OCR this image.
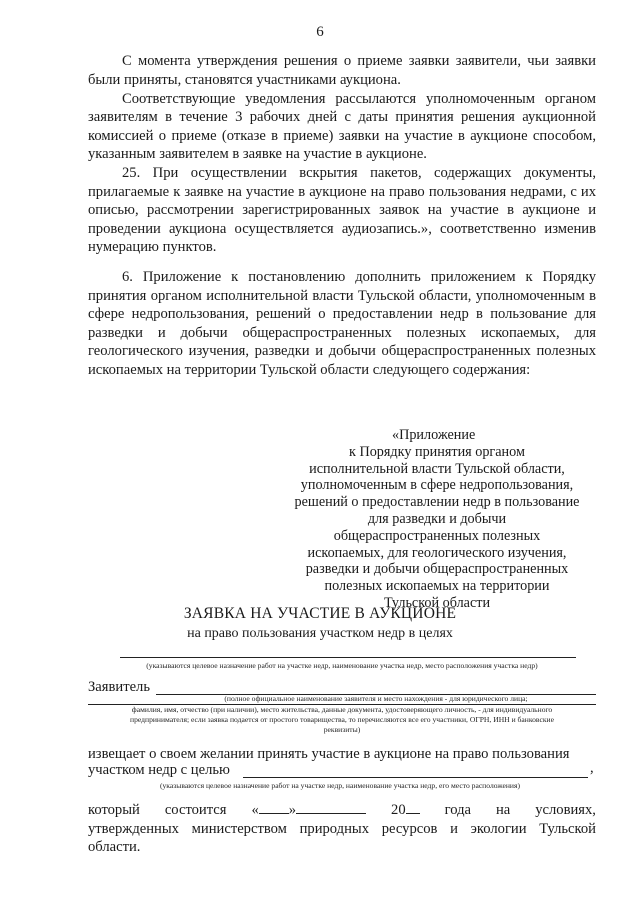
6

С момента утверждения решения о приеме заявки заявители, чьи заявки были приняты, становятся участниками аукциона.

Соответствующие уведомления рассылаются уполномоченным органом заявителям в течение 3 рабочих дней с даты принятия решения аукционной комиссией о приеме (отказе в приеме) заявки на участие в аукционе способом, указанным заявителем в заявке на участие в аукционе.

25. При осуществлении вскрытия пакетов, содержащих документы, прилагаемые к заявке на участие в аукционе на право пользования недрами, с их описью, рассмотрении зарегистрированных заявок на участие в аукционе и проведении аукциона осуществляется аудиозапись.», соответственно изменив нумерацию пунктов.

6. Приложение к постановлению дополнить приложением к Порядку принятия органом исполнительной власти Тульской области, уполномоченным в сфере недропользования, решений о предоставлении недр в пользование для разведки и добычи общераспространенных полезных ископаемых, для геологического изучения, разведки и добычи общераспространенных полезных ископаемых на территории Тульской области следующего содержания:

«Приложение
к Порядку принятия органом
исполнительной власти Тульской области,
уполномоченным в сфере недропользования,
решений о предоставлении недр в пользование
для разведки и добычи
общераспространенных полезных
ископаемых, для геологического изучения,
разведки и добычи общераспространенных
полезных ископаемых на территории
Тульской области
ЗАЯВКА НА УЧАСТИЕ В АУКЦИОНЕ
на право пользования участком недр в целях
(указываются целевое назначение работ на участке недр, наименование участка недр, место расположения участка недр)
Заявитель
(полное официальное наименование заявителя и место нахождения - для юридического лица;
фамилия, имя, отчество (при наличии), место жительства, данные документа, удостоверяющего личность, - для индивидуального
предпринимателя; если заявка подается от простого товарищества, то перечисляются все его участники, ОГРН, ИНН и банковские
реквизиты)
извещает о своем желании принять участие в аукционе на право пользования
участком недр с целью	,
(указываются целевое назначение работ на участке недр, наименование участка недр, его место расположения)
который состоится « »	20	года на условиях,
утвержденных министерством природных ресурсов и экологии Тульской области.
